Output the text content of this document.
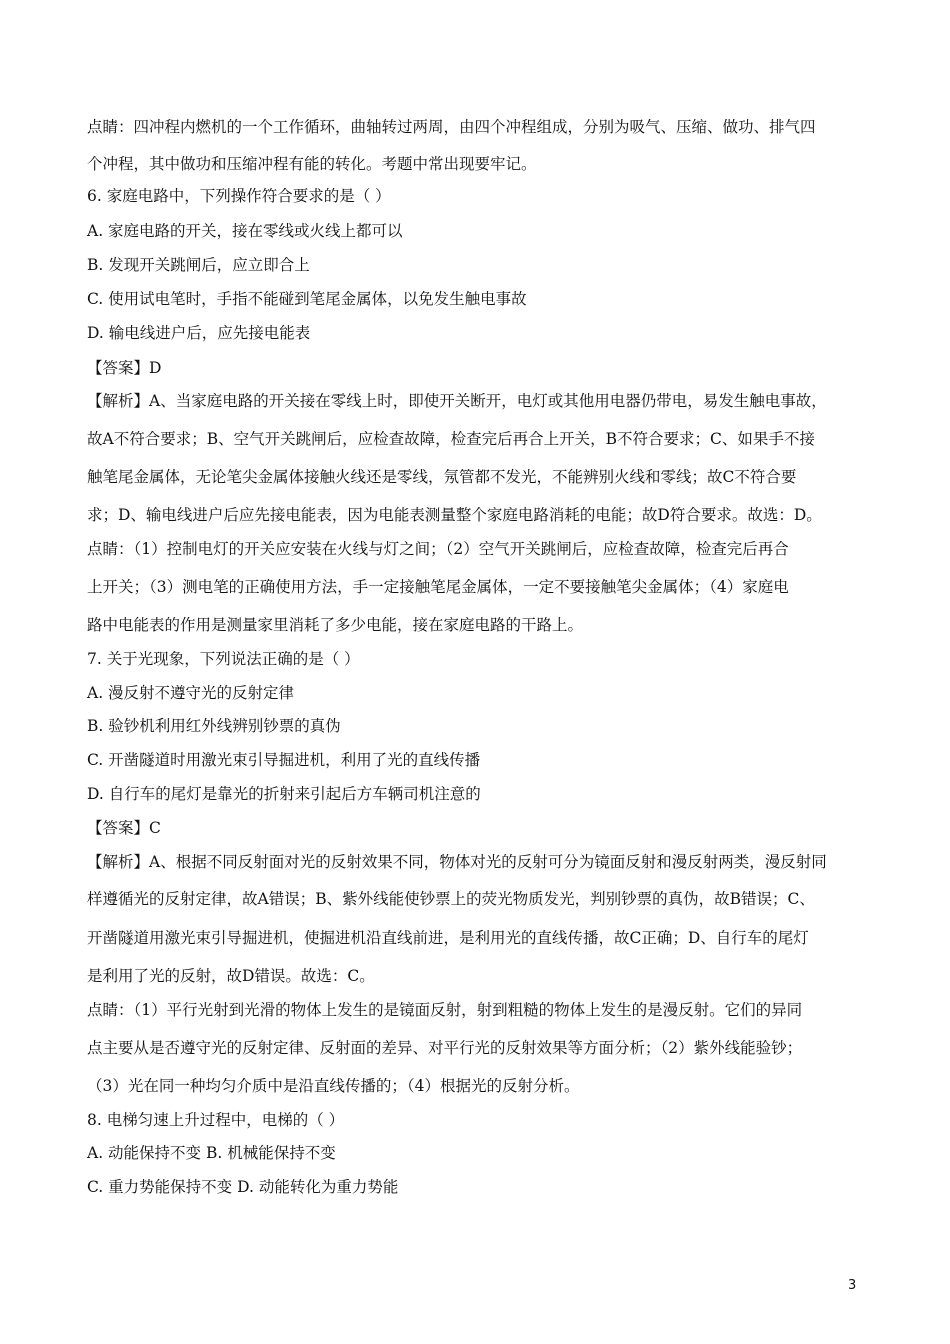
点睛：四冲程内燃机的一个工作循环，曲轴转过两周，由四个冲程组成，分别为吸气、压缩、做功、排气四
个冲程，其中做功和压缩冲程有能的转化。考题中常出现要牢记。
6. 家庭电路中，下列操作符合要求的是（ ）
A. 家庭电路的开关，接在零线或火线上都可以
B. 发现开关跳闸后，应立即合上
C. 使用试电笔时，手指不能碰到笔尾金属体，以免发生触电事故
D. 输电线进户后，应先接电能表
【答案】D
【解析】A、当家庭电路的开关接在零线上时，即使开关断开，电灯或其他用电器仍带电，易发生触电事故，
故A不符合要求；B、空气开关跳闸后，应检查故障，检查完后再合上开关，B不符合要求；C、如果手不接
触笔尾金属体，无论笔尖金属体接触火线还是零线，氖管都不发光，不能辨别火线和零线；故C不符合要
求；D、输电线进户后应先接电能表，因为电能表测量整个家庭电路消耗的电能；故D符合要求。故选：D。
点睛：（1）控制电灯的开关应安装在火线与灯之间；（2）空气开关跳闸后，应检查故障，检查完后再合
上开关；（3）测电笔的正确使用方法，手一定接触笔尾金属体，一定不要接触笔尖金属体；（4）家庭电
路中电能表的作用是测量家里消耗了多少电能，接在家庭电路的干路上。
7. 关于光现象，下列说法正确的是（ ）
A. 漫反射不遵守光的反射定律
B. 验钞机利用红外线辨别钞票的真伪
C. 开凿隧道时用激光束引导掘进机，利用了光的直线传播
D. 自行车的尾灯是靠光的折射来引起后方车辆司机注意的
【答案】C
【解析】A、根据不同反射面对光的反射效果不同，物体对光的反射可分为镜面反射和漫反射两类，漫反射同
样遵循光的反射定律，故A错误；B、紫外线能使钞票上的荧光物质发光，判别钞票的真伪，故B错误；C、
开凿隧道用激光束引导掘进机，使掘进机沿直线前进，是利用光的直线传播，故C正确；D、自行车的尾灯
是利用了光的反射，故D错误。故选：C。
点睛：（1）平行光射到光滑的物体上发生的是镜面反射，射到粗糙的物体上发生的是漫反射。它们的异同
点主要从是否遵守光的反射定律、反射面的差异、对平行光的反射效果等方面分析；（2）紫外线能验钞；
（3）光在同一种均匀介质中是沿直线传播的；（4）根据光的反射分析。
8. 电梯匀速上升过程中，电梯的（ ）
A. 动能保持不变 B. 机械能保持不变
C. 重力势能保持不变 D. 动能转化为重力势能
3
